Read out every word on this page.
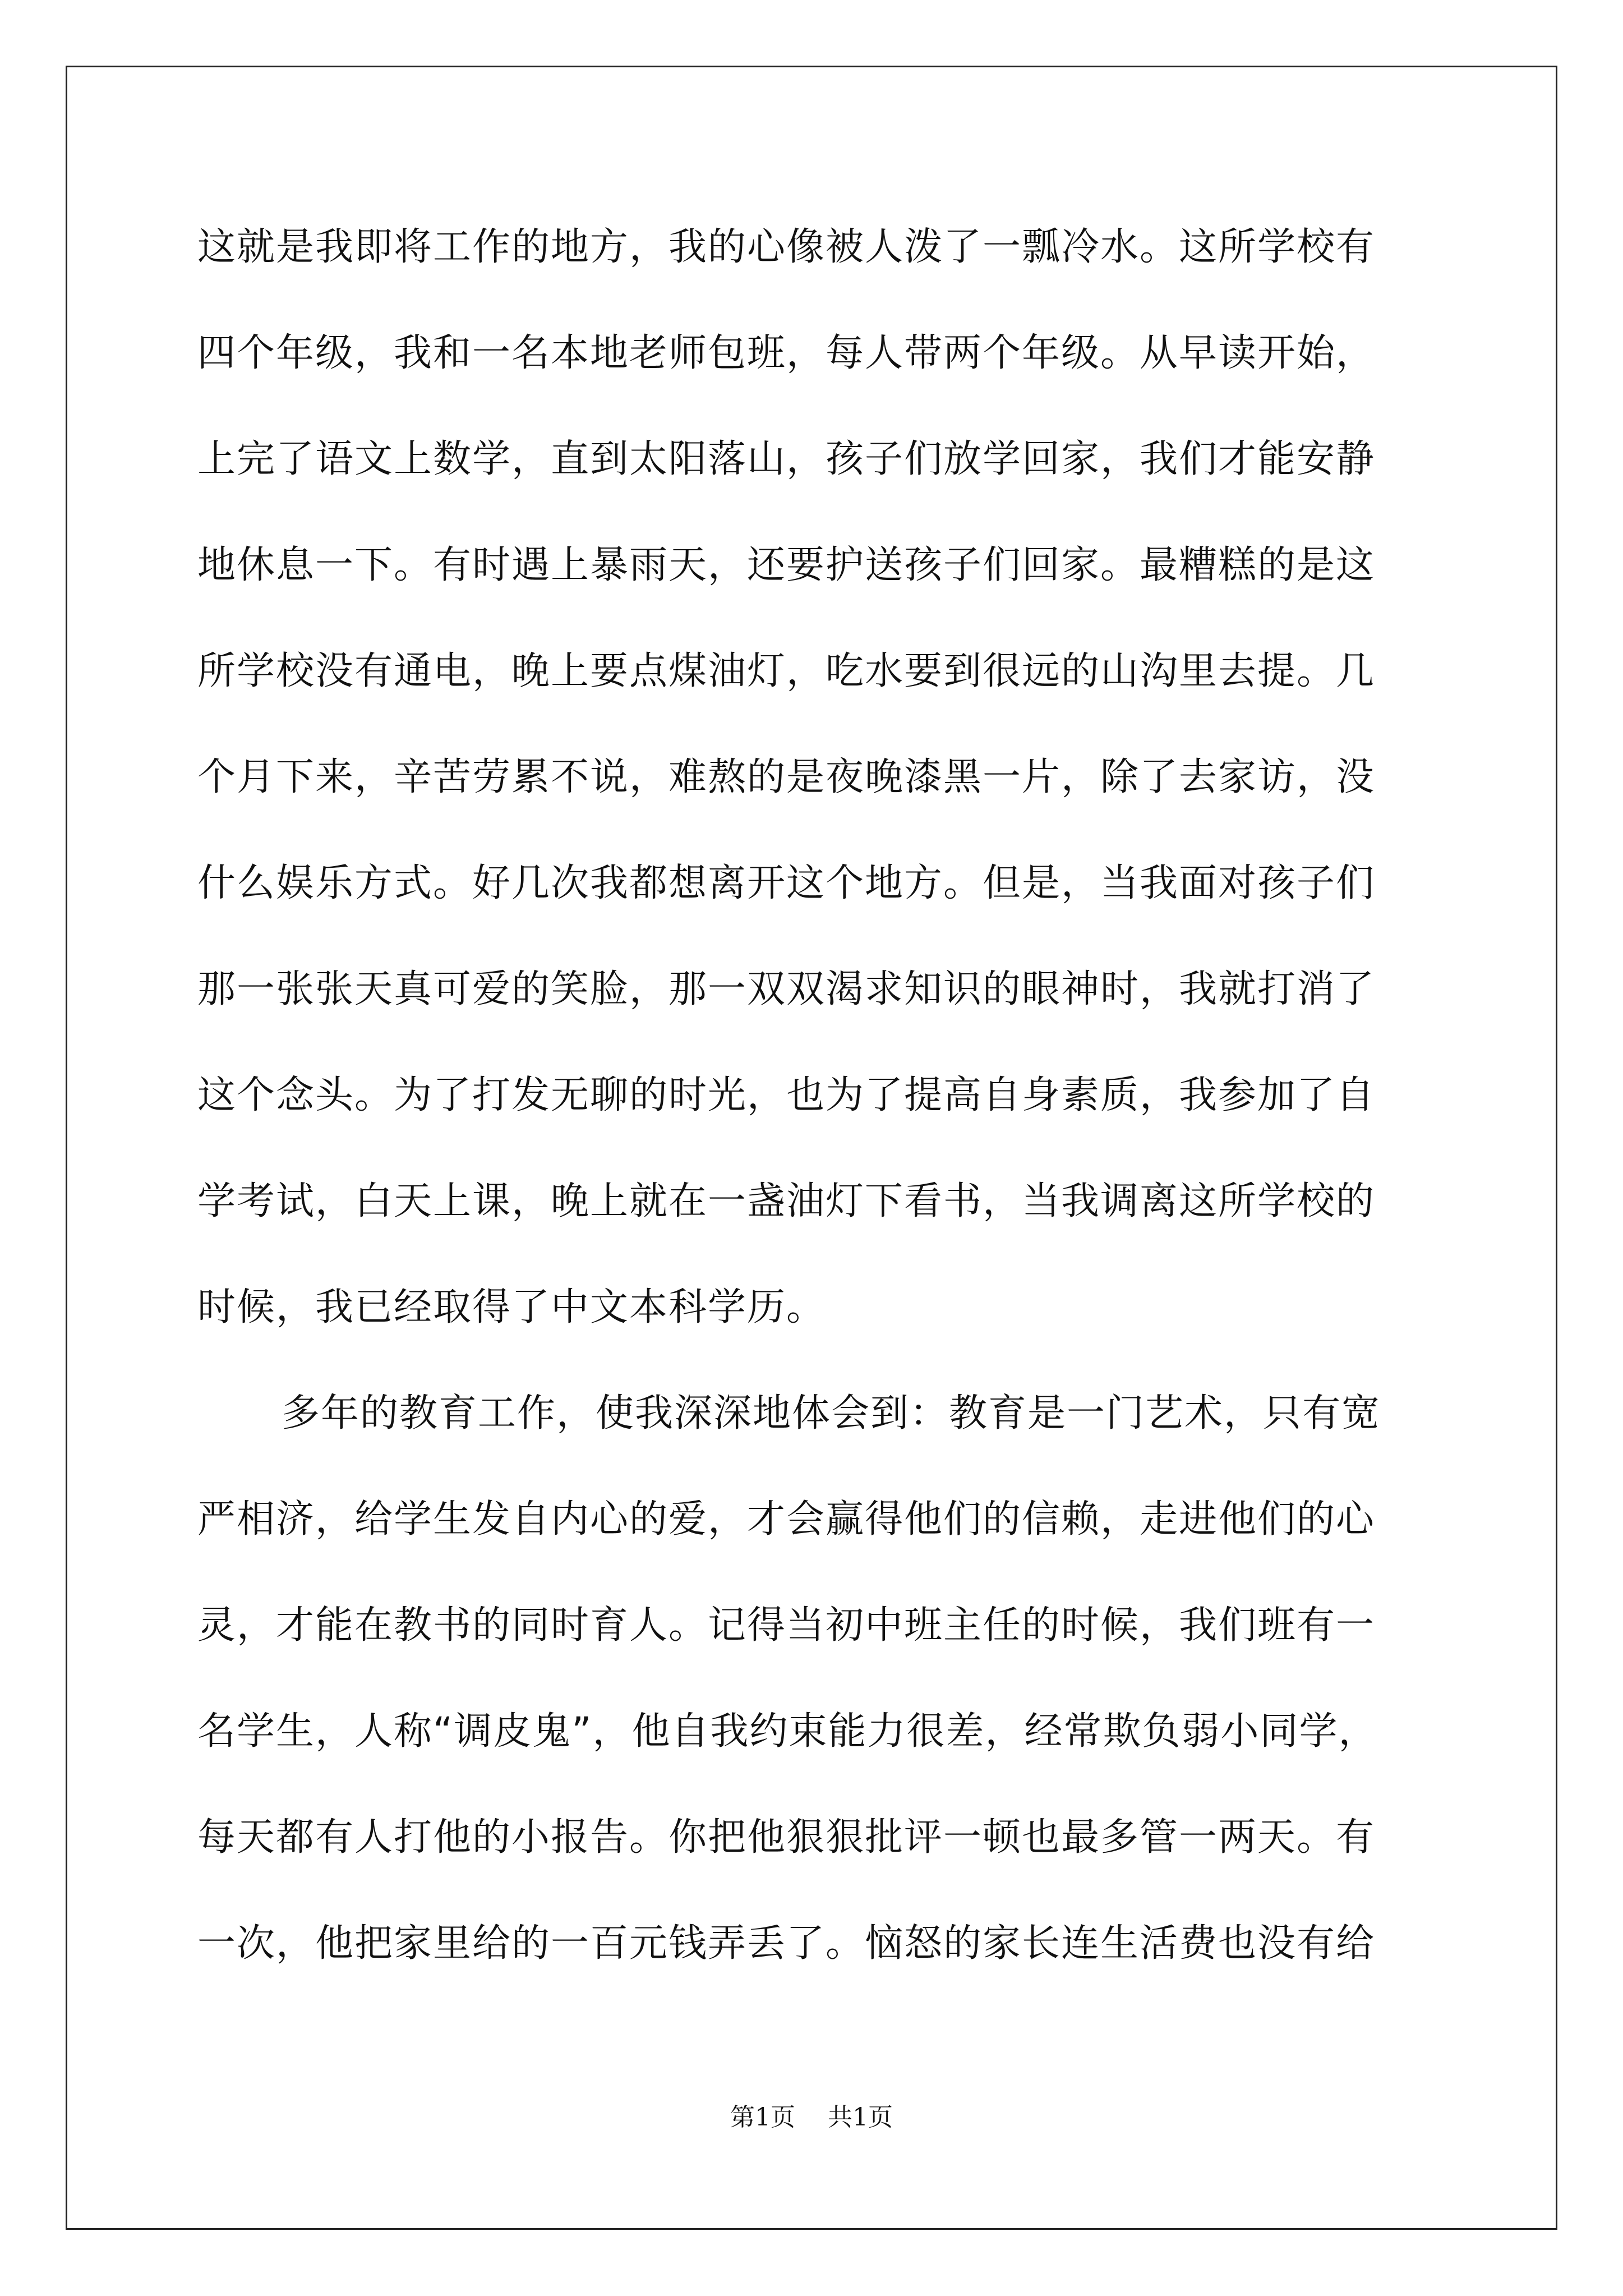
这就是我即将工作的地方，我的心像被人泼了一瓢冷水。这所学校有
四个年级，我和一名本地老师包班，每人带两个年级。从早读开始，
上完了语文上数学，直到太阳落山，孩子们放学回家，我们才能安静
地休息一下。有时遇上暴雨天，还要护送孩子们回家。最糟糕的是这
所学校没有通电，晚上要点煤油灯，吃水要到很远的山沟里去提。几
个月下来，辛苦劳累不说，难熬的是夜晚漆黑一片，除了去家访，没
什么娱乐方式。好几次我都想离开这个地方。但是，当我面对孩子们
那一张张天真可爱的笑脸，那一双双渴求知识的眼神时，我就打消了
这个念头。为了打发无聊的时光，也为了提高自身素质，我参加了自
学考试，白天上课，晚上就在一盏油灯下看书，当我调离这所学校的
时候，我已经取得了中文本科学历。

多年的教育工作，使我深深地体会到：教育是一门艺术，只有宽
严相济，给学生发自内心的爱，才会赢得他们的信赖，走进他们的心
灵，才能在教书的同时育人。记得当初中班主任的时候，我们班有一
名学生，人称“调皮鬼”，他自我约束能力很差，经常欺负弱小同学，
每天都有人打他的小报告。你把他狠狠批评一顿也最多管一两天。有
一次，他把家里给的一百元钱弄丢了。恼怒的家长连生活费也没有给

第1页 共1页
